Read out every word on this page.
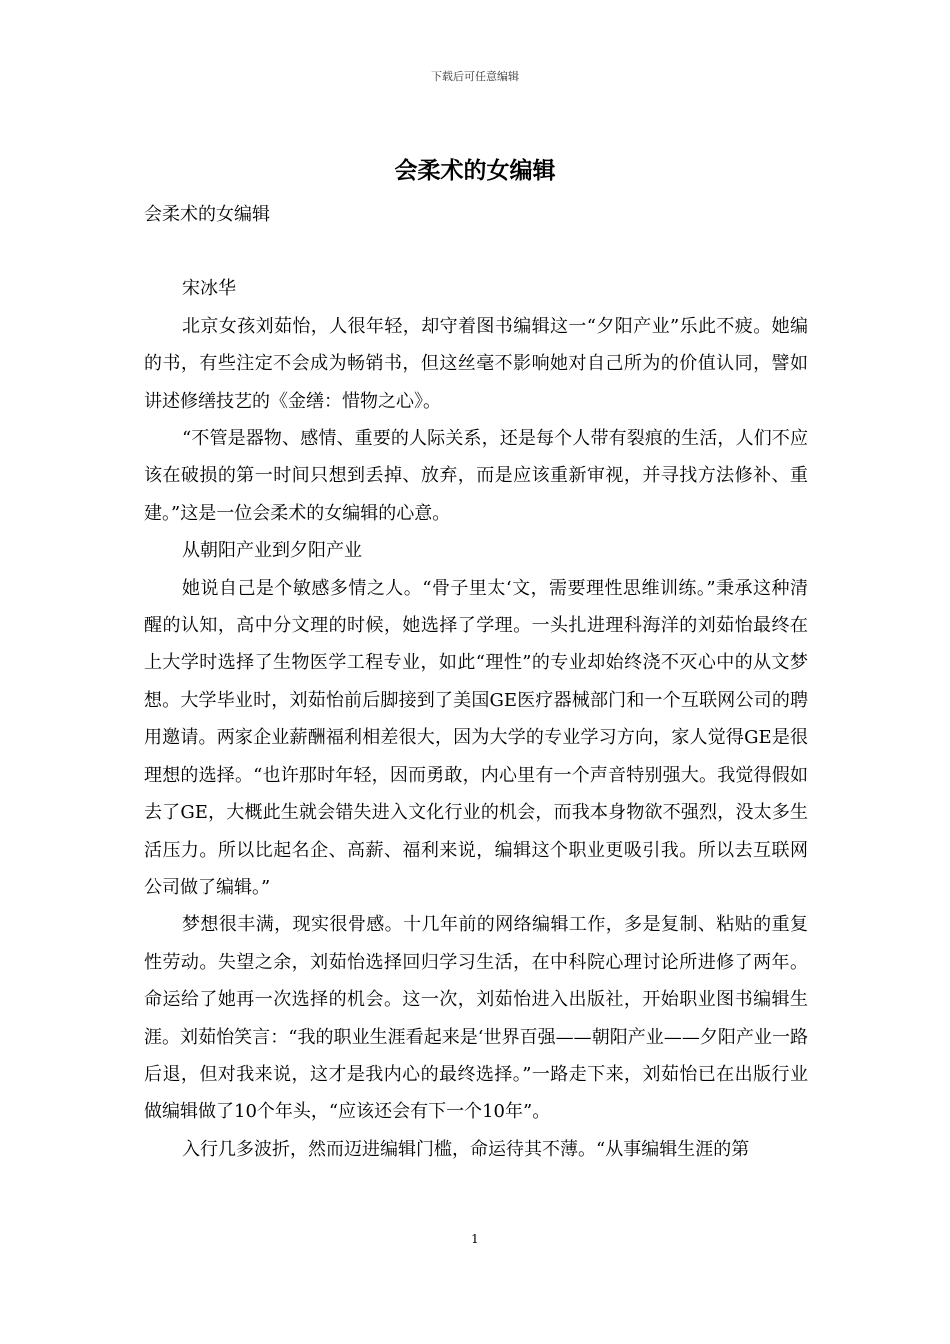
下载后可任意编辑
会柔术的女编辑

会柔术的女编辑

宋冰华

北京女孩刘茹怡，人很年轻，却守着图书编辑这一“夕阳产业”乐此不疲。她编的书，有些注定不会成为畅销书，但这丝毫不影响她对自己所为的价值认同，譬如讲述修缮技艺的《金缮：惜物之心》。

“不管是器物、感情、重要的人际关系，还是每个人带有裂痕的生活，人们不应该在破损的第一时间只想到丢掉、放弃，而是应该重新审视，并寻找方法修补、重建。”这是一位会柔术的女编辑的心意。

从朝阳产业到夕阳产业

她说自己是个敏感多情之人。“骨子里太‘文，需要理性思维训练。”秉承这种清醒的认知，高中分文理的时候，她选择了学理。一头扎进理科海洋的刘茹怡最终在上大学时选择了生物医学工程专业，如此“理性”的专业却始终浇不灭心中的从文梦想。大学毕业时，刘茹怡前后脚接到了美国GE医疗器械部门和一个互联网公司的聘用邀请。两家企业薪酬福利相差很大，因为大学的专业学习方向，家人觉得GE是很理想的选择。“也许那时年轻，因而勇敢，内心里有一个声音特别强大。我觉得假如去了GE，大概此生就会错失进入文化行业的机会，而我本身物欲不强烈，没太多生活压力。所以比起名企、高薪、福利来说，编辑这个职业更吸引我。所以去互联网公司做了编辑。”

梦想很丰满，现实很骨感。十几年前的网络编辑工作，多是复制、粘贴的重复性劳动。失望之余，刘茹怡选择回归学习生活，在中科院心理讨论所进修了两年。命运给了她再一次选择的机会。这一次，刘茹怡进入出版社，开始职业图书编辑生涯。刘茹怡笑言：“我的职业生涯看起来是‘世界百强——朝阳产业——夕阳产业一路后退，但对我来说，这才是我内心的最终选择。”一路走下来，刘茹怡已在出版行业做编辑做了10个年头，“应该还会有下一个10年”。

入行几多波折，然而迈进编辑门槛，命运待其不薄。“从事编辑生涯的第

1
